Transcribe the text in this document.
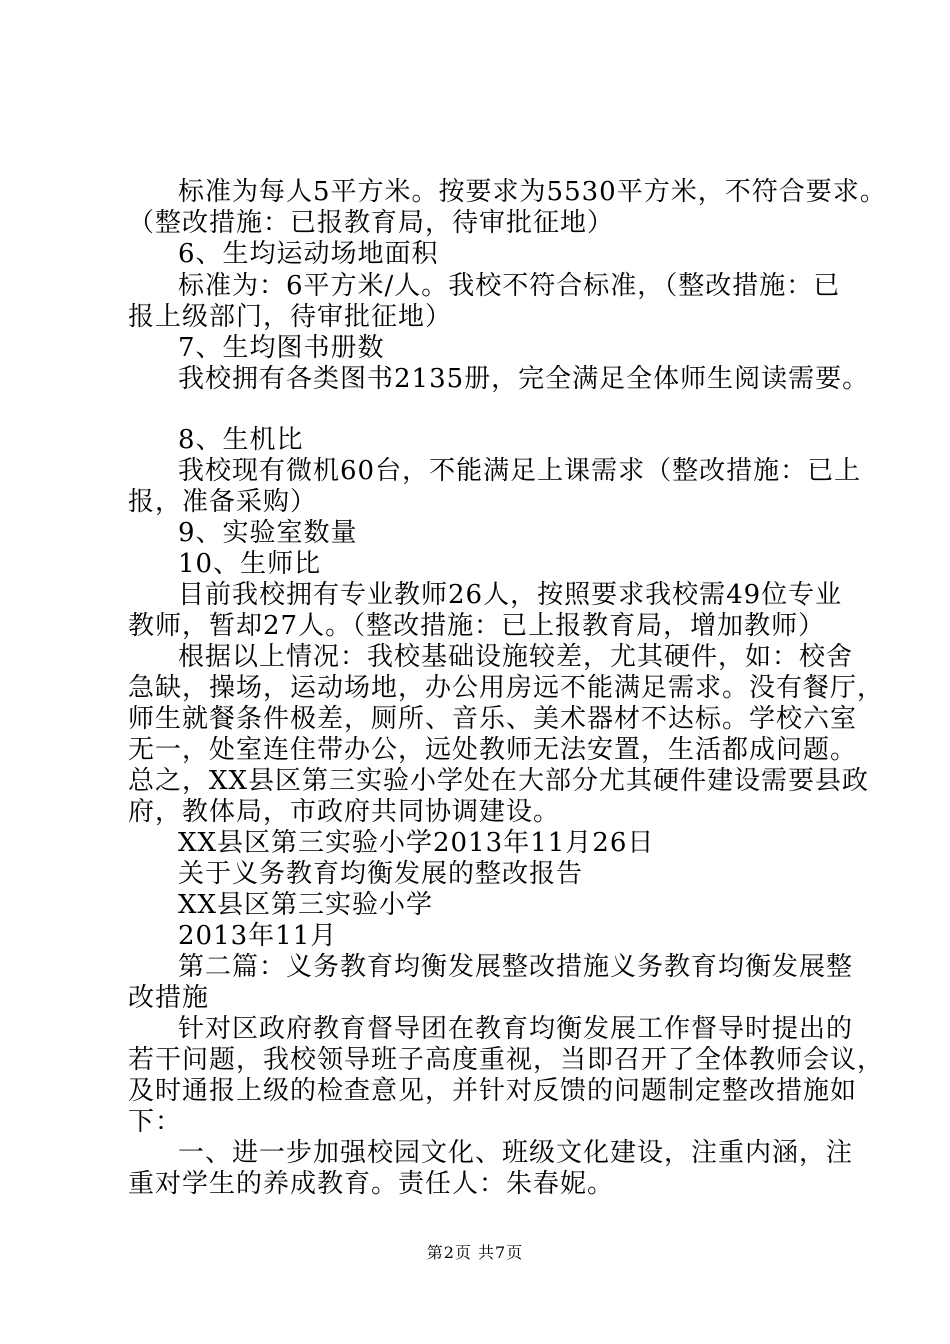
标准为每人5平方米。按要求为5530平方米，不符合要求。
（整改措施：已报教育局，待审批征地）
6、生均运动场地面积
标准为：6平方米/人。我校不符合标准，（整改措施：已
报上级部门，待审批征地）
7、生均图书册数
我校拥有各类图书2135册，完全满足全体师生阅读需要。
8、生机比
我校现有微机60台，不能满足上课需求（整改措施：已上
报，准备采购）
9、实验室数量
10、生师比
目前我校拥有专业教师26人，按照要求我校需49位专业
教师，暂却27人。（整改措施：已上报教育局，增加教师）
根据以上情况：我校基础设施较差，尤其硬件，如：校舍
急缺，操场，运动场地，办公用房远不能满足需求。没有餐厅，
师生就餐条件极差，厕所、音乐、美术器材不达标。学校六室
无一，处室连住带办公，远处教师无法安置，生活都成问题。
总之，XX县区第三实验小学处在大部分尤其硬件建设需要县政
府，教体局，市政府共同协调建设。
XX县区第三实验小学2013年11月26日
关于义务教育均衡发展的整改报告
XX县区第三实验小学
2013年11月
第二篇：义务教育均衡发展整改措施义务教育均衡发展整
改措施
针对区政府教育督导团在教育均衡发展工作督导时提出的
若干问题，我校领导班子高度重视，当即召开了全体教师会议，
及时通报上级的检查意见，并针对反馈的问题制定整改措施如
下：
一、进一步加强校园文化、班级文化建设，注重内涵，注
重对学生的养成教育。责任人：朱春妮。
第2页 共7页
